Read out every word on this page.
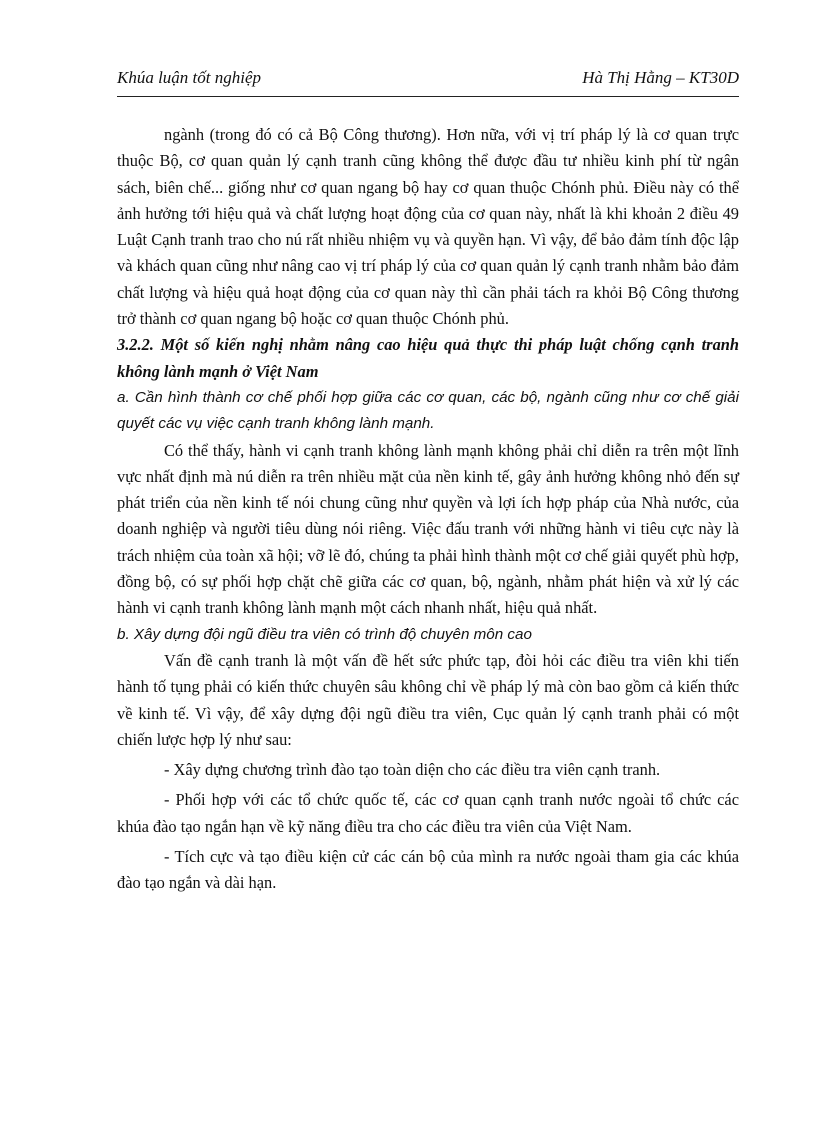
Khúa luận tốt nghiệp	Hà Thị Hằng – KT30D

ngành (trong đó có cả Bộ Công thương). Hơn nữa, với vị trí pháp lý là cơ quan trực thuộc Bộ, cơ quan quản lý cạnh tranh cũng không thể được đầu tư nhiều kinh phí từ ngân sách, biên chế... giống như cơ quan ngang bộ hay cơ quan thuộc Chónh phủ. Điều này có thể ảnh hưởng tới hiệu quả và chất lượng hoạt động của cơ quan này, nhất là khi khoản 2 điều 49 Luật Cạnh tranh trao cho nú rất nhiều nhiệm vụ và quyền hạn. Vì vậy, để bảo đảm tính độc lập và khách quan cũng như nâng cao vị trí pháp lý của cơ quan quản lý cạnh tranh nhằm bảo đảm chất lượng và hiệu quả hoạt động của cơ quan này thì cần phải tách ra khỏi Bộ Công thương trở thành cơ quan ngang bộ hoặc cơ quan thuộc Chónh phủ.

3.2.2. Một số kiến nghị nhằm nâng cao hiệu quả thực thi pháp luật chống cạnh tranh không lành mạnh ở Việt Nam

a. Cần hình thành cơ chế phối hợp giữa các cơ quan, các bộ, ngành cũng như cơ chế giải quyết các vụ việc cạnh tranh không lành mạnh.

Có thể thấy, hành vi cạnh tranh không lành mạnh không phải chỉ diễn ra trên một lĩnh vực nhất định mà nú diễn ra trên nhiều mặt của nền kinh tế, gây ảnh hưởng không nhỏ đến sự phát triển của nền kinh tế nói chung cũng như quyền và lợi ích hợp pháp của Nhà nước, của doanh nghiệp và người tiêu dùng nói riêng. Việc đấu tranh với những hành vi tiêu cực này là trách nhiệm của toàn xã hội; vỡ lẽ đó, chúng ta phải hình thành một cơ chế giải quyết phù hợp, đồng bộ, có sự phối hợp chặt chẽ giữa các cơ quan, bộ, ngành, nhằm phát hiện và xử lý các hành vi cạnh tranh không lành mạnh một cách nhanh nhất, hiệu quả nhất.

b. Xây dựng đội ngũ điều tra viên có trình độ chuyên môn cao

Vấn đề cạnh tranh là một vấn đề hết sức phức tạp, đòi hỏi các điều tra viên khi tiến hành tố tụng phải có kiến thức chuyên sâu không chỉ về pháp lý mà còn bao gồm cả kiến thức về kinh tế. Vì vậy, để xây dựng đội ngũ điều tra viên, Cục quản lý cạnh tranh phải có một chiến lược hợp lý như sau:

- Xây dựng chương trình đào tạo toàn diện cho các điều tra viên cạnh tranh.

- Phối hợp với các tổ chức quốc tế, các cơ quan cạnh tranh nước ngoài tổ chức các khúa đào tạo ngắn hạn về kỹ năng điều tra cho các điều tra viên của Việt Nam.

- Tích cực và tạo điều kiện cử các cán bộ của mình ra nước ngoài tham gia các khúa đào tạo ngắn và dài hạn.
